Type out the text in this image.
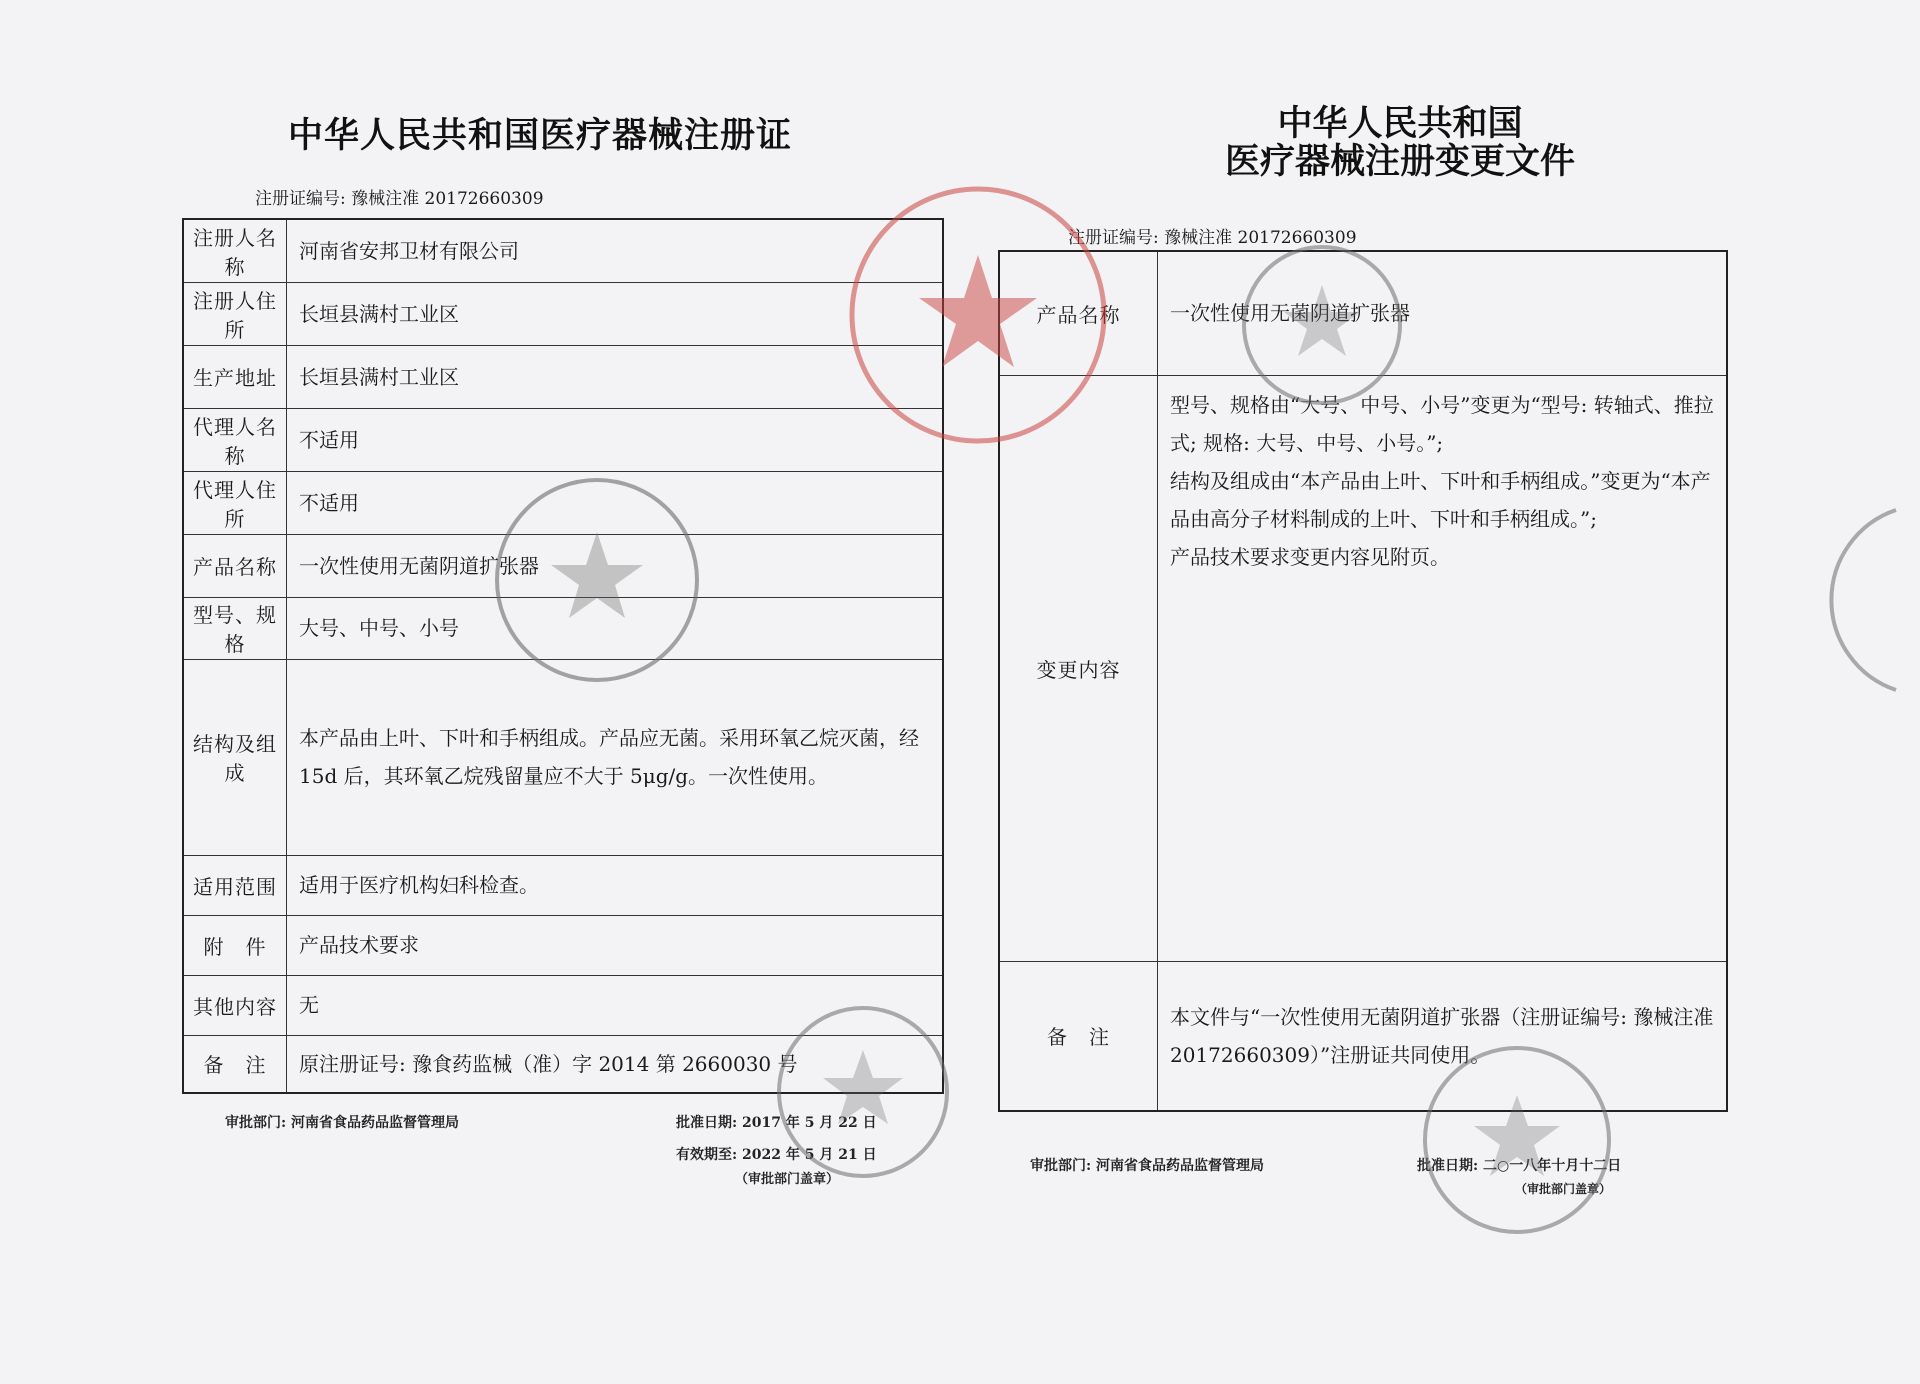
中华人民共和国医疗器械注册证
注册证编号: 豫械注准 20172660309
注册人名称	河南省安邦卫材有限公司
注册人住所	长垣县满村工业区
生产地址	长垣县满村工业区
代理人名称	不适用
代理人住所	不适用
产品名称	一次性使用无菌阴道扩张器
型号、规格	大号、中号、小号
结构及组成	本产品由上叶、下叶和手柄组成。产品应无菌。采用环氧乙烷灭菌，经 15d 后，其环氧乙烷残留量应不大于 5μg/g。一次性使用。
适用范围	适用于医疗机构妇科检查。
附　件	产品技术要求
其他内容	无
备　注	原注册证号: 豫食药监械（准）字 2014 第 2660030 号
审批部门: 河南省食品药品监督管理局	批准日期: 2017 年 5 月 22 日
有效期至: 2022 年 5 月 21 日
（审批部门盖章）
中华人民共和国
医疗器械注册变更文件
注册证编号: 豫械注准 20172660309
产品名称	一次性使用无菌阴道扩张器
变更内容	型号、规格由“大号、中号、小号”变更为“型号: 转轴式、推拉式; 规格: 大号、中号、小号。”;
结构及组成由“本产品由上叶、下叶和手柄组成。”变更为“本产品由高分子材料制成的上叶、下叶和手柄组成。”;
产品技术要求变更内容见附页。

备　注	本文件与“一次性使用无菌阴道扩张器（注册证编号: 豫械注准 20172660309）”注册证共同使用。
审批部门: 河南省食品药品监督管理局	批准日期: 二○一八年十月十二日
（审批部门盖章）
